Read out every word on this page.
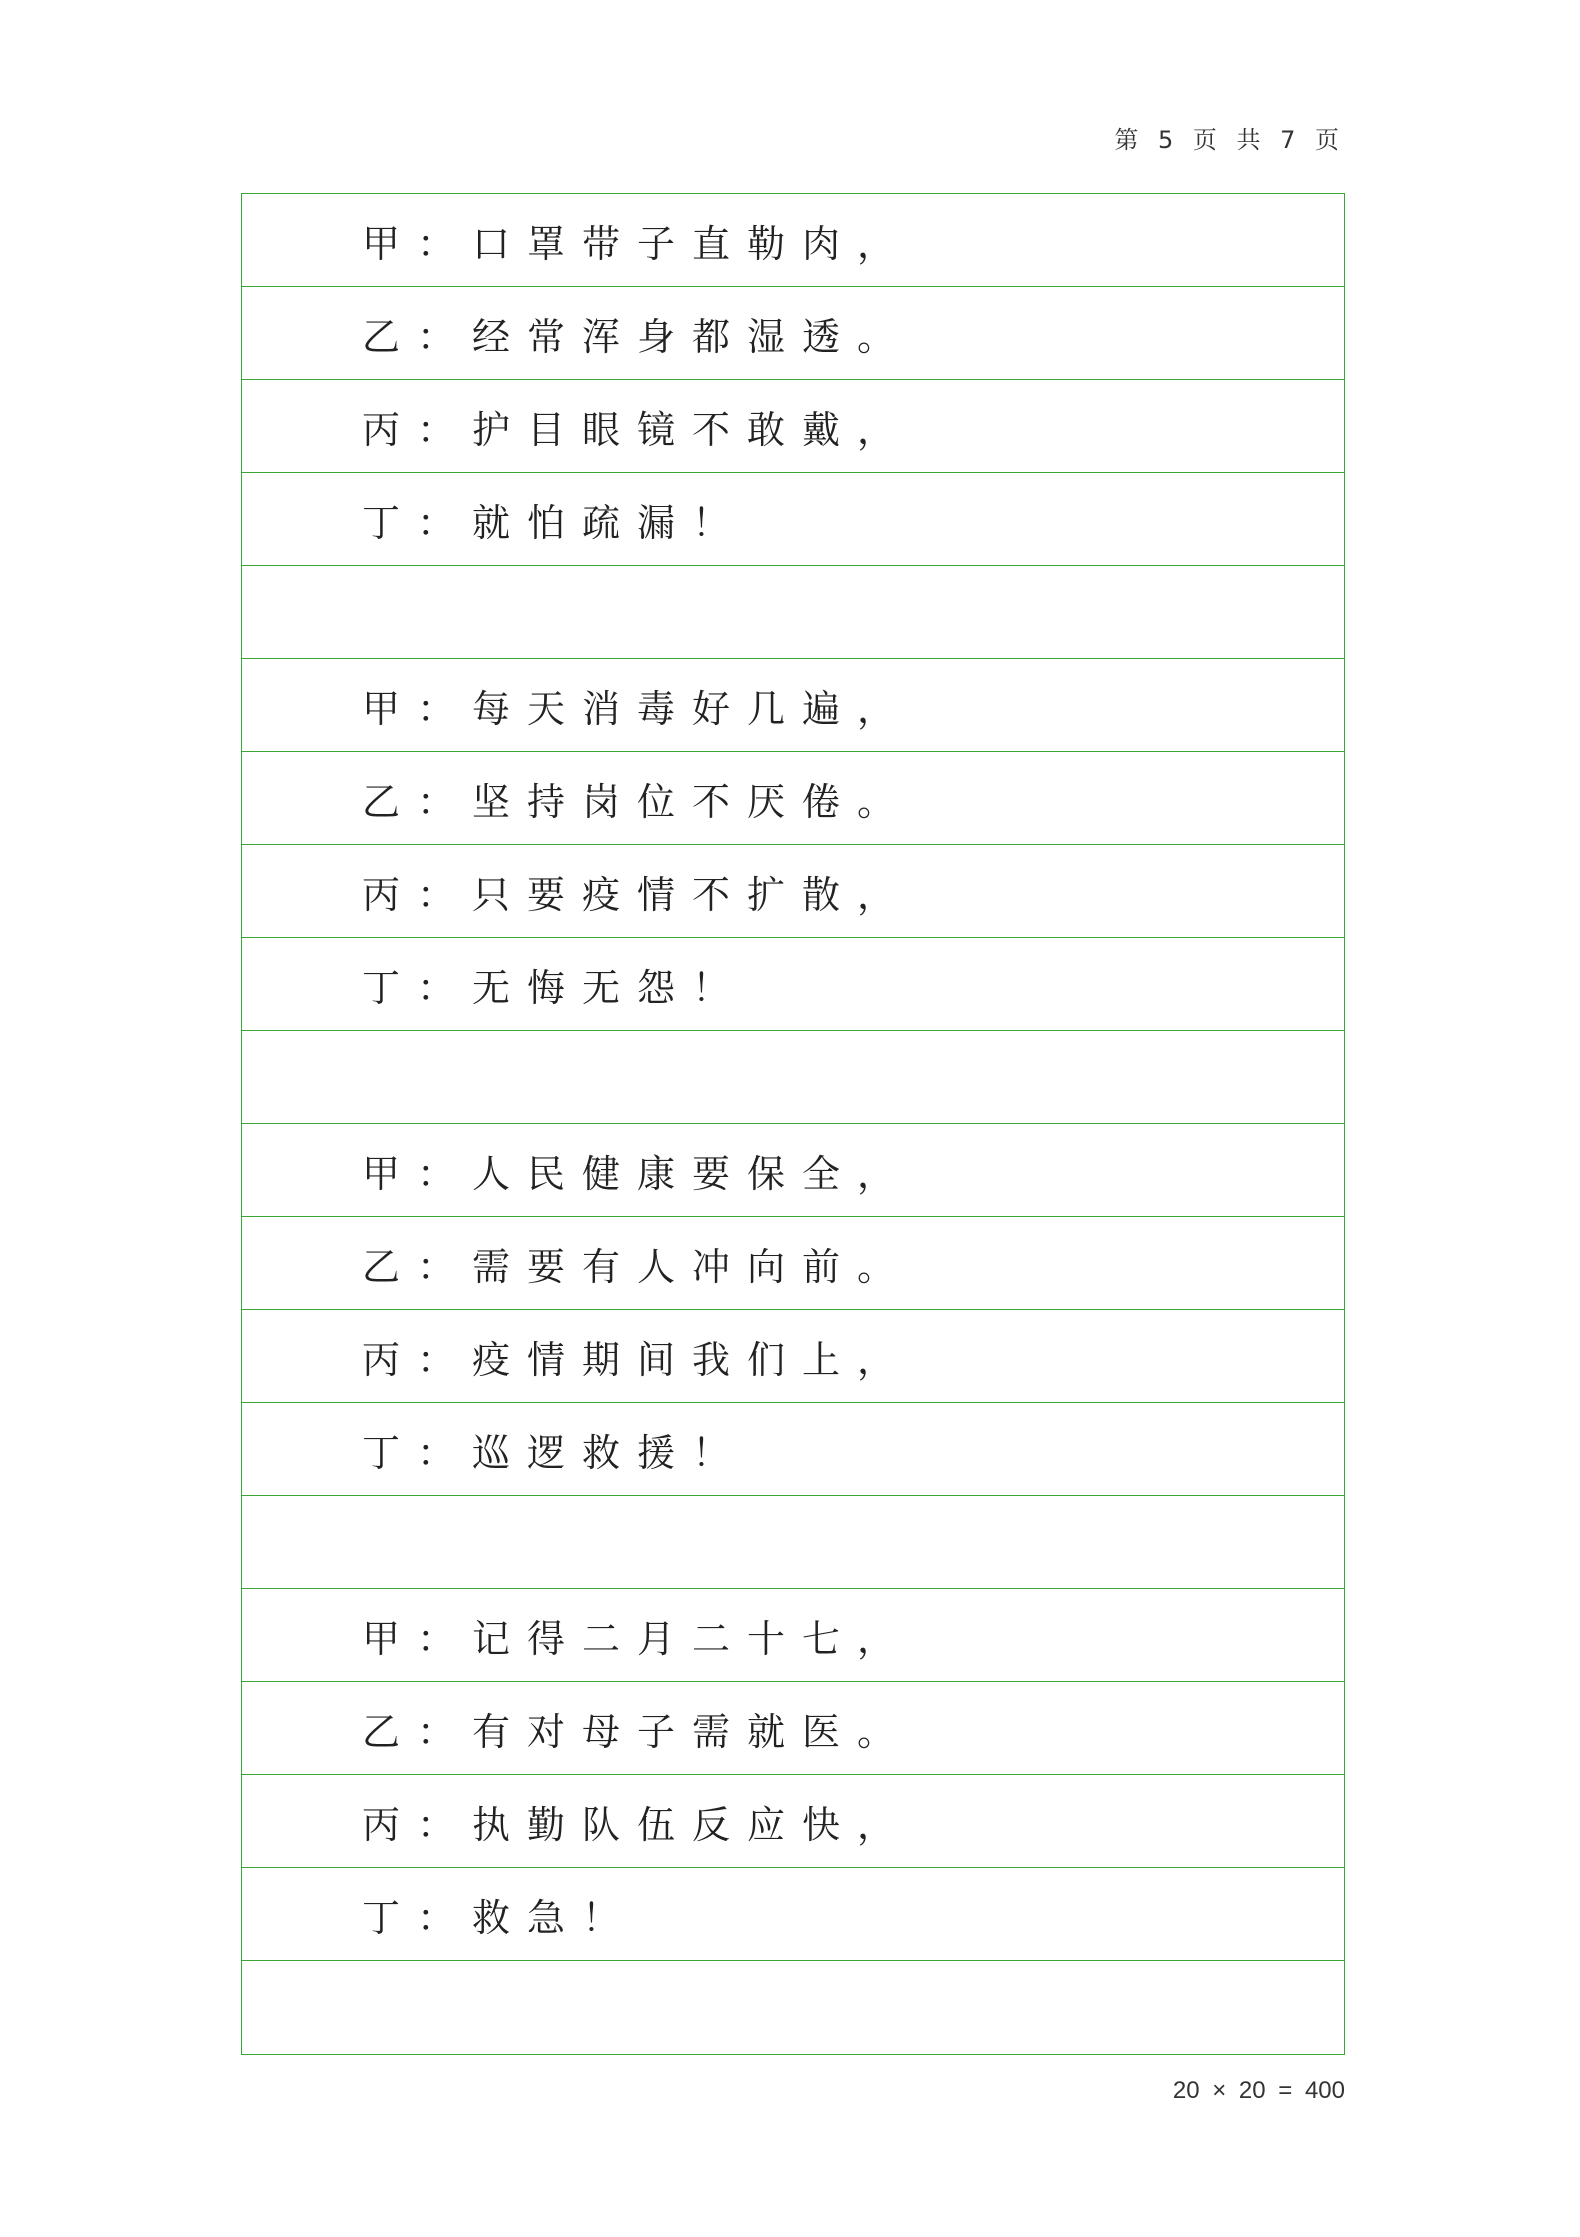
第 5 页 共 7 页
甲： 口罩带子直勒肉，
乙： 经常浑身都湿透。
丙： 护目眼镜不敢戴，
丁： 就怕疏漏！
甲： 每天消毒好几遍，
乙： 坚持岗位不厌倦。
丙： 只要疫情不扩散，
丁： 无悔无怨！
甲： 人民健康要保全，
乙： 需要有人冲向前。
丙： 疫情期间我们上，
丁： 巡逻救援！
甲： 记得二月二十七，
乙： 有对母子需就医。
丙： 执勤队伍反应快，
丁： 救急！
20 × 20 = 400
